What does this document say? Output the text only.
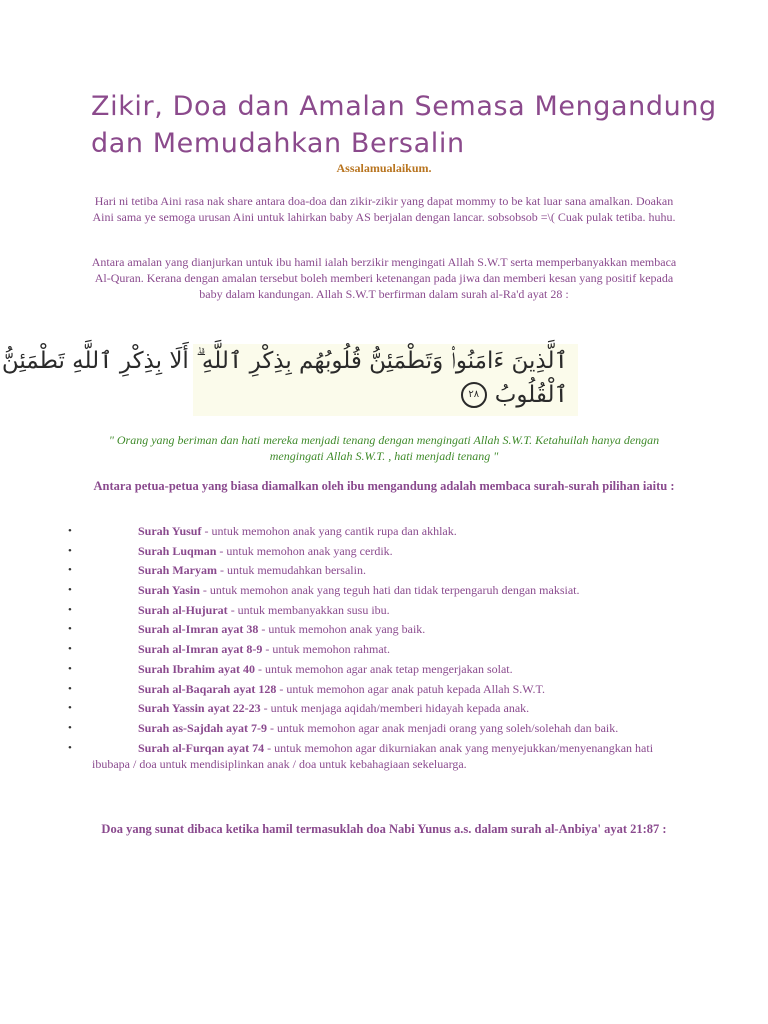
Zikir, Doa dan Amalan Semasa Mengandung dan Memudahkan Bersalin
Assalamualaikum.

Hari ni tetiba Aini rasa nak share antara doa-doa dan zikir-zikir yang dapat mommy to be kat luar sana amalkan. Doakan Aini sama ye semoga urusan Aini untuk lahirkan baby AS berjalan dengan lancar. sobsobsob =\( Cuak pulak tetiba. huhu.

Antara amalan yang dianjurkan untuk ibu hamil ialah berzikir mengingati Allah S.W.T serta memperbanyakkan membaca Al-Quran. Kerana dengan amalan tersebut boleh memberi ketenangan pada jiwa dan memberi kesan yang positif kepada baby dalam kandungan. Allah S.W.T berfirman dalam surah al-Ra'd ayat 28 :

ٱلَّذِينَ ءَامَنُوا۟ وَتَطْمَئِنُّ قُلُوبُهُم بِذِكْرِ ٱللَّهِ ۗ أَلَا بِذِكْرِ ٱللَّهِ تَطْمَئِنُّ
ٱلْقُلُوبُ
٢٨

" Orang yang beriman dan hati mereka menjadi tenang dengan mengingati Allah S.W.T. Ketahuilah hanya dengan mengingati Allah S.W.T. , hati menjadi tenang "

Antara petua-petua yang biasa diamalkan oleh ibu mengandung adalah membaca surah-surah pilihan iaitu :

•	Surah Yusuf - untuk memohon anak yang cantik rupa dan akhlak.
•	Surah Luqman - untuk memohon anak yang cerdik.
•	Surah Maryam - untuk memudahkan bersalin.
•	Surah Yasin - untuk memohon anak yang teguh hati dan tidak terpengaruh dengan maksiat.
•	Surah al-Hujurat - untuk membanyakkan susu ibu.
•	Surah al-Imran ayat 38 - untuk memohon anak yang baik.
•	Surah al-Imran ayat 8-9 - untuk memohon rahmat.
•	Surah Ibrahim ayat 40 - untuk memohon agar anak tetap mengerjakan solat.
•	Surah al-Baqarah ayat 128 - untuk memohon agar anak patuh kepada Allah S.W.T.
•	Surah Yassin ayat 22-23 - untuk menjaga aqidah/memberi hidayah kepada anak.
•	Surah as-Sajdah ayat 7-9 - untuk memohon agar anak menjadi orang yang soleh/solehah dan baik.
•	Surah al-Furqan ayat 74 - untuk memohon agar dikurniakan anak yang menyejukkan/menyenangkan hati ibubapa / doa untuk mendisiplinkan anak / doa untuk kebahagiaan sekeluarga.

Doa yang sunat dibaca ketika hamil termasuklah doa Nabi Yunus a.s. dalam surah al-Anbiya' ayat 21:87 :
